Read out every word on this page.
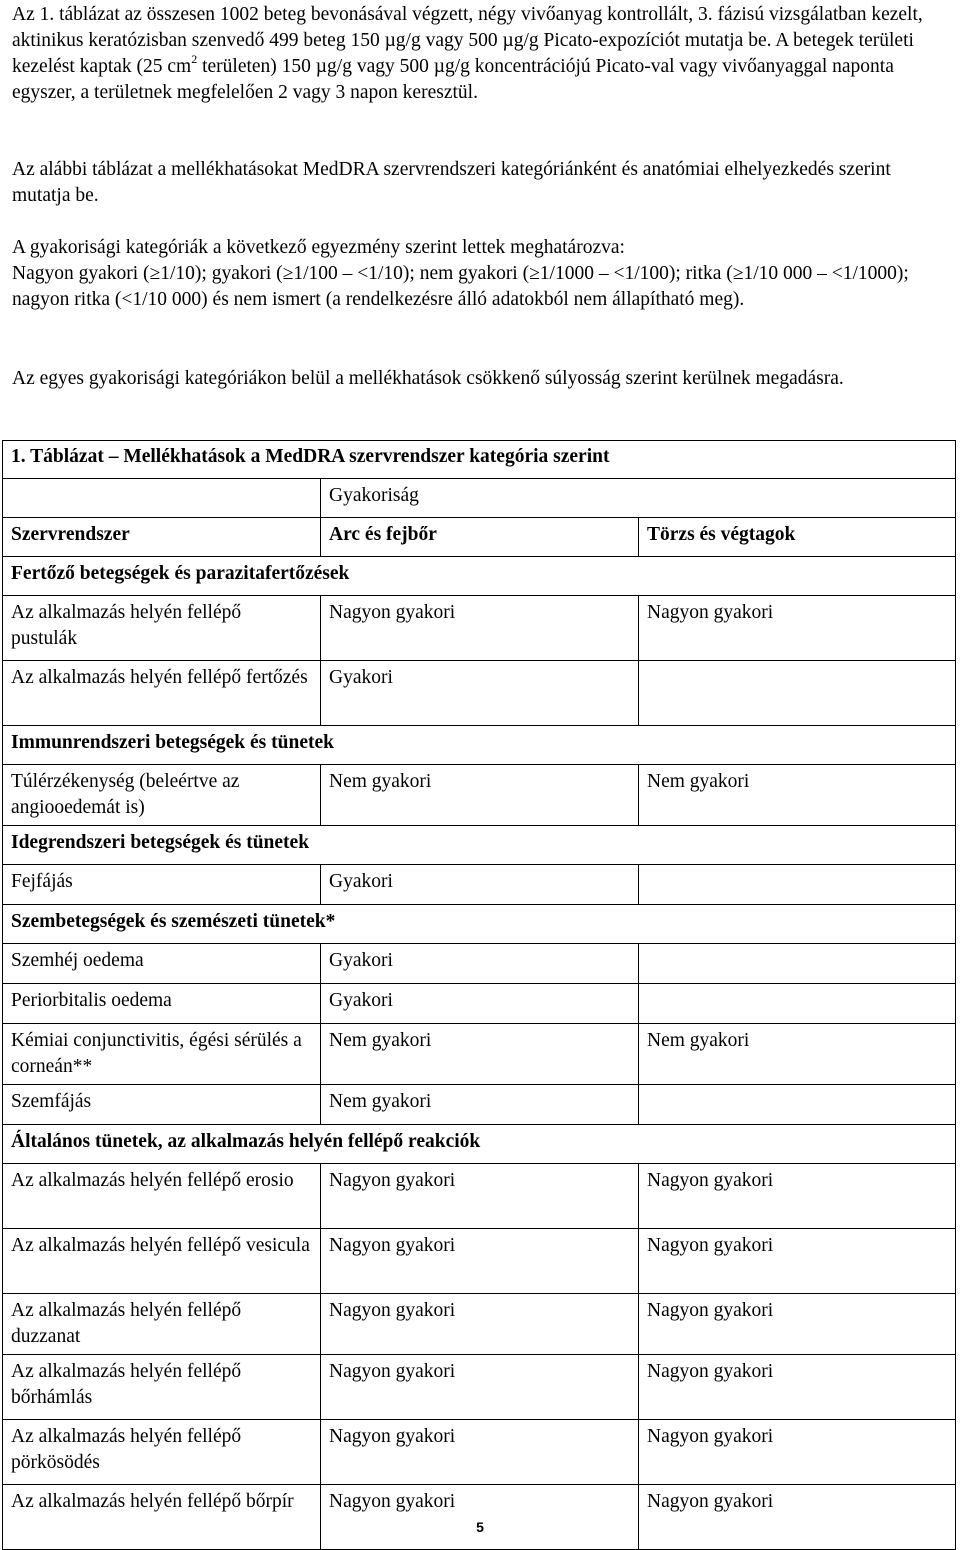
Az 1. táblázat az összesen 1002 beteg bevonásával végzett, négy vivőanyag kontrollált, 3. fázisú vizsgálatban kezelt, aktinikus keratózisban szenvedő 499 beteg 150 µg/g vagy 500 µg/g Picato-expozíciót mutatja be. A betegek területi kezelést kaptak (25 $cm^2$ területen) 150 µg/g vagy 500 µg/g koncentrációjú Picato-val vagy vivőanyaggal naponta egyszer, a területnek megfelelően 2 vagy 3 napon keresztül.

Az alábbi táblázat a mellékhatásokat MedDRA szervrendszeri kategóriánként és anatómiai elhelyezkedés szerint mutatja be.

A gyakorisági kategóriák a következő egyezmény szerint lettek meghatározva:
Nagyon gyakori (≥1/10); gyakori (≥1/100 – <1/10); nem gyakori (≥1/1000 – <1/100); ritka (≥1/10 000 – <1/1000); nagyon ritka (<1/10 000) és nem ismert (a rendelkezésre álló adatokból nem állapítható meg).

Az egyes gyakorisági kategóriákon belül a mellékhatások csökkenő súlyosság szerint kerülnek megadásra.

1. Táblázat – Mellékhatások a MedDRA szervrendszer kategória szerint		
	Gyakoriság	
Szervrendszer	Arc és fejbőr	Törzs és végtagok
Fertőző betegségek és parazitafertőzések		
Az alkalmazás helyén fellépő pustulák	Nagyon gyakori	Nagyon gyakori
Az alkalmazás helyén fellépő fertőzés	Gyakori	
Immunrendszeri betegségek és tünetek		
Túlérzékenység (beleértve az angiooedemát is)	Nem gyakori	Nem gyakori
Idegrendszeri betegségek és tünetek		
Fejfájás	Gyakori	
Szembetegségek és szemészeti tünetek*		
Szemhéj oedema	Gyakori	
Periorbitalis oedema	Gyakori	
Kémiai conjunctivitis, égési sérülés a corneán**	Nem gyakori	Nem gyakori
Szemfájás	Nem gyakori	
Általános tünetek, az alkalmazás helyén fellépő reakciók		
Az alkalmazás helyén fellépő erosio	Nagyon gyakori	Nagyon gyakori
Az alkalmazás helyén fellépő vesicula	Nagyon gyakori	Nagyon gyakori
Az alkalmazás helyén fellépő duzzanat	Nagyon gyakori	Nagyon gyakori
Az alkalmazás helyén fellépő bőrhámlás	Nagyon gyakori	Nagyon gyakori
Az alkalmazás helyén fellépő pörkösödés	Nagyon gyakori	Nagyon gyakori
Az alkalmazás helyén fellépő bőrpír	Nagyon gyakori	Nagyon gyakori
5
